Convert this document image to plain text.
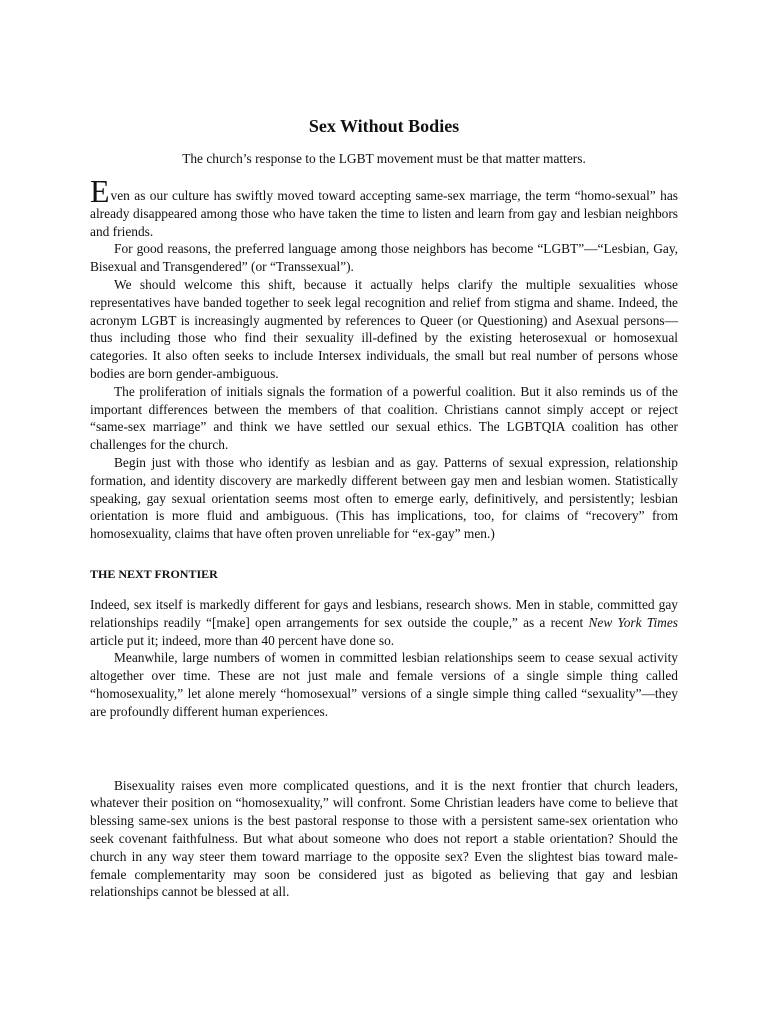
Sex Without Bodies
The church’s response to the LGBT movement must be that matter matters.

Even as our culture has swiftly moved toward accepting same-sex marriage, the term “homo-sexual” has already disappeared among those who have taken the time to listen and learn from gay and lesbian neighbors and friends.

For good reasons, the preferred language among those neighbors has become “LGBT”—“Lesbian, Gay, Bisexual and Transgendered” (or “Transsexual”).

We should welcome this shift, because it actually helps clarify the multiple sexualities whose representatives have banded together to seek legal recognition and relief from stigma and shame. Indeed, the acronym LGBT is increasingly augmented by references to Queer (or Questioning) and Asexual persons—thus including those who find their sexuality ill-defined by the existing heterosexual or homosexual categories. It also often seeks to include Intersex individuals, the small but real number of persons whose bodies are born gender-ambiguous.

The proliferation of initials signals the formation of a powerful coalition. But it also reminds us of the important differences between the members of that coalition. Christians cannot simply accept or reject “same-sex marriage” and think we have settled our sexual ethics. The LGBTQIA coalition has other challenges for the church.

Begin just with those who identify as lesbian and as gay. Patterns of sexual expression, relationship formation, and identity discovery are markedly different between gay men and lesbian women. Statistically speaking, gay sexual orientation seems most often to emerge early, definitively, and persistently; lesbian orientation is more fluid and ambiguous. (This has implications, too, for claims of “recovery” from homosexuality, claims that have often proven unreliable for “ex-gay” men.)

THE NEXT FRONTIER

Indeed, sex itself is markedly different for gays and lesbians, research shows. Men in stable, committed gay relationships readily “[make] open arrangements for sex outside the couple,” as a recent New York Times article put it; indeed, more than 40 percent have done so.

Meanwhile, large numbers of women in committed lesbian relationships seem to cease sexual activity altogether over time. These are not just male and female versions of a single simple thing called “homosexuality,” let alone merely “homosexual” versions of a single simple thing called “sexuality”—they are profoundly different human experiences.

Bisexuality raises even more complicated questions, and it is the next frontier that church leaders, whatever their position on “homosexuality,” will confront. Some Christian leaders have come to believe that blessing same-sex unions is the best pastoral response to those with a persistent same-sex orientation who seek covenant faithfulness. But what about someone who does not report a stable orientation? Should the church in any way steer them toward marriage to the opposite sex? Even the slightest bias toward male-female complementarity may soon be considered just as bigoted as believing that gay and lesbian relationships cannot be blessed at all.
